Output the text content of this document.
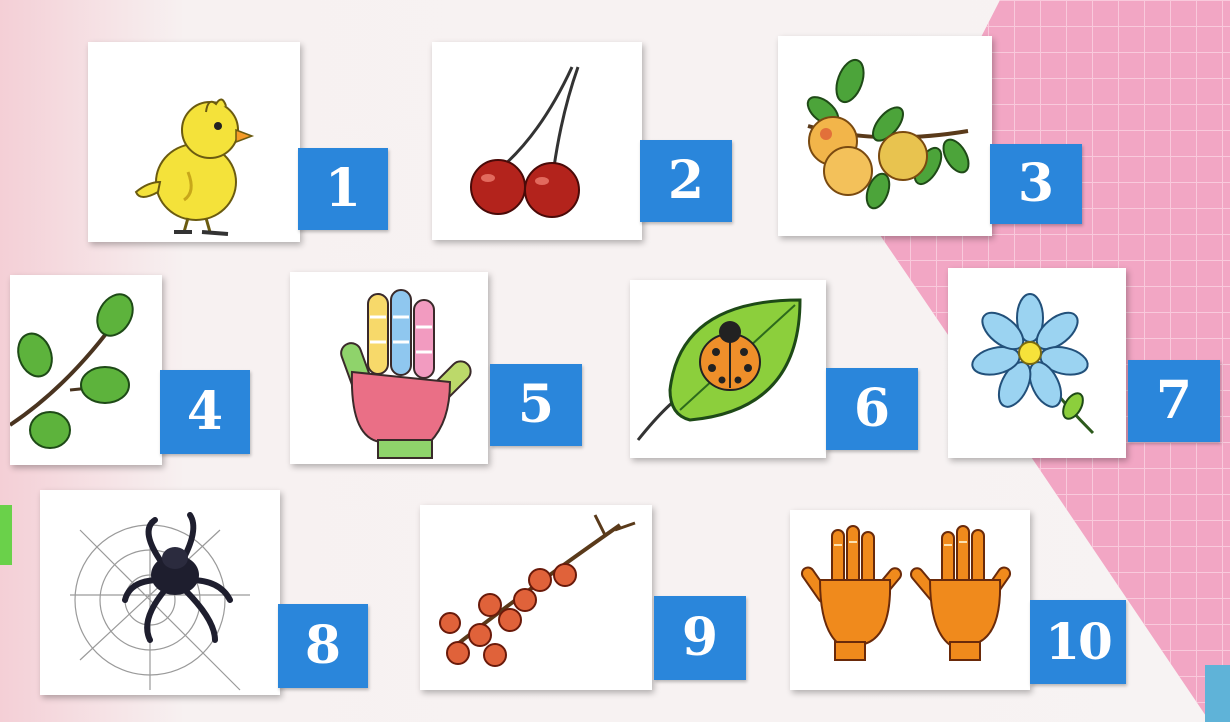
1	2	3
4	5	6	7
8	9	10
